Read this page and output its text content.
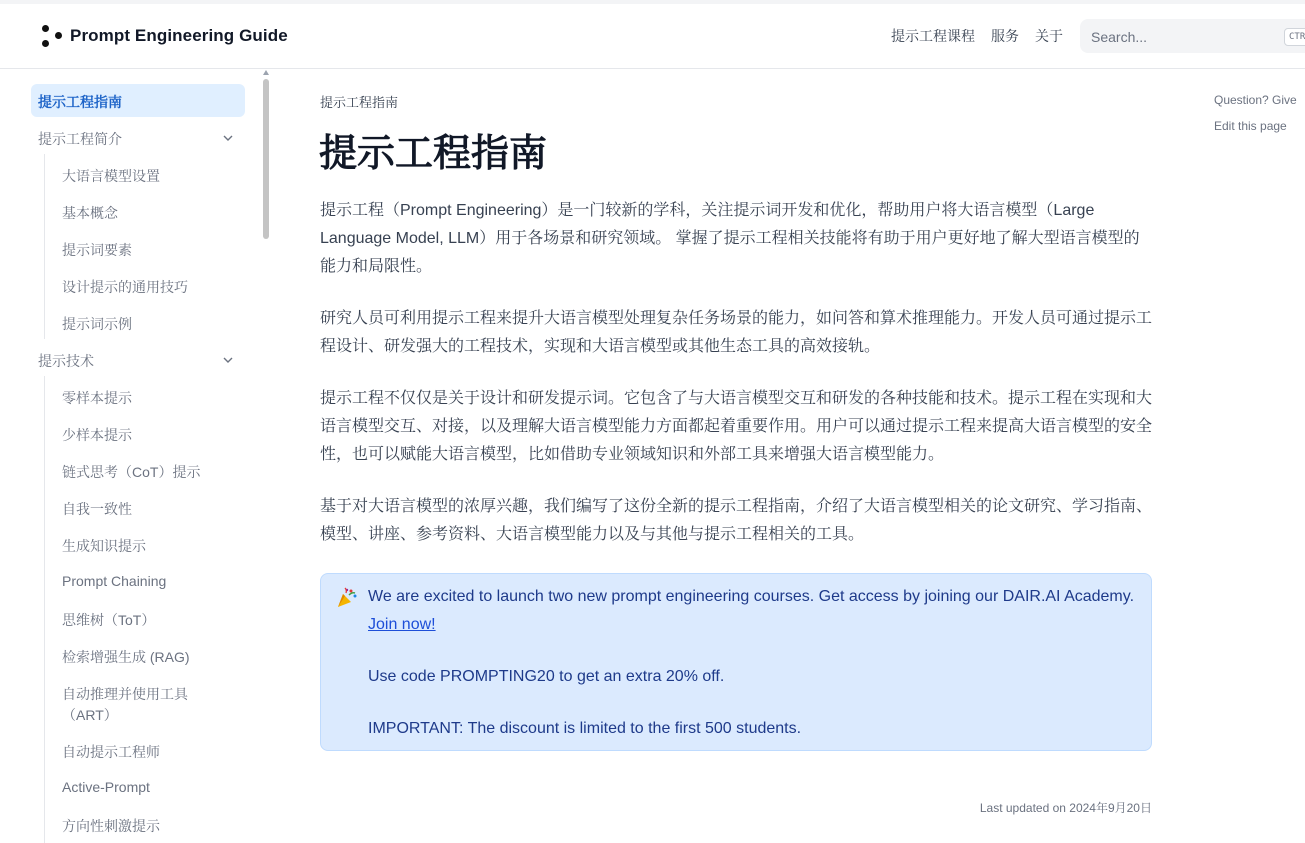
Prompt Engineering Guide	提示工程课程 服务 关于
Search...	CTR
提示工程指南
提示工程简介
大语言模型设置
基本概念
提示词要素
设计提示的通用技巧
提示词示例
提示技术
零样本提示
少样本提示
链式思考（CoT）提示
自我一致性
生成知识提示
Prompt Chaining
思维树（ToT）
检索增强生成 (RAG)
自动推理并使用工具
（ART）
自动提示工程师
Active-Prompt
方向性刺激提示
提示工程指南
提示工程指南

提示工程（Prompt Engineering）是一门较新的学科，关注提示词开发和优化，帮助用户将大语言模型（Large Language Model, LLM）用于各场景和研究领域。 掌握了提示工程相关技能将有助于用户更好地了解大型语言模型的能力和局限性。

研究人员可利用提示工程来提升大语言模型处理复杂任务场景的能力，如问答和算术推理能力。开发人员可通过提示工程设计、研发强大的工程技术，实现和大语言模型或其他生态工具的高效接轨。

提示工程不仅仅是关于设计和研发提示词。它包含了与大语言模型交互和研发的各种技能和技术。提示工程在实现和大语言模型交互、对接，以及理解大语言模型能力方面都起着重要作用。用户可以通过提示工程来提高大语言模型的安全性，也可以赋能大语言模型，比如借助专业领域知识和外部工具来增强大语言模型能力。

基于对大语言模型的浓厚兴趣，我们编写了这份全新的提示工程指南，介绍了大语言模型相关的论文研究、学习指南、模型、讲座、参考资料、大语言模型能力以及与其他与提示工程相关的工具。

We are excited to launch two new prompt engineering courses. Get access by joining our DAIR.AI Academy. Join now!
Use code PROMPTING20 to get an extra 20% off.
IMPORTANT: The discount is limited to the first 500 students.
Last updated on 2024年9月20日
Question? Give
Edit this page
